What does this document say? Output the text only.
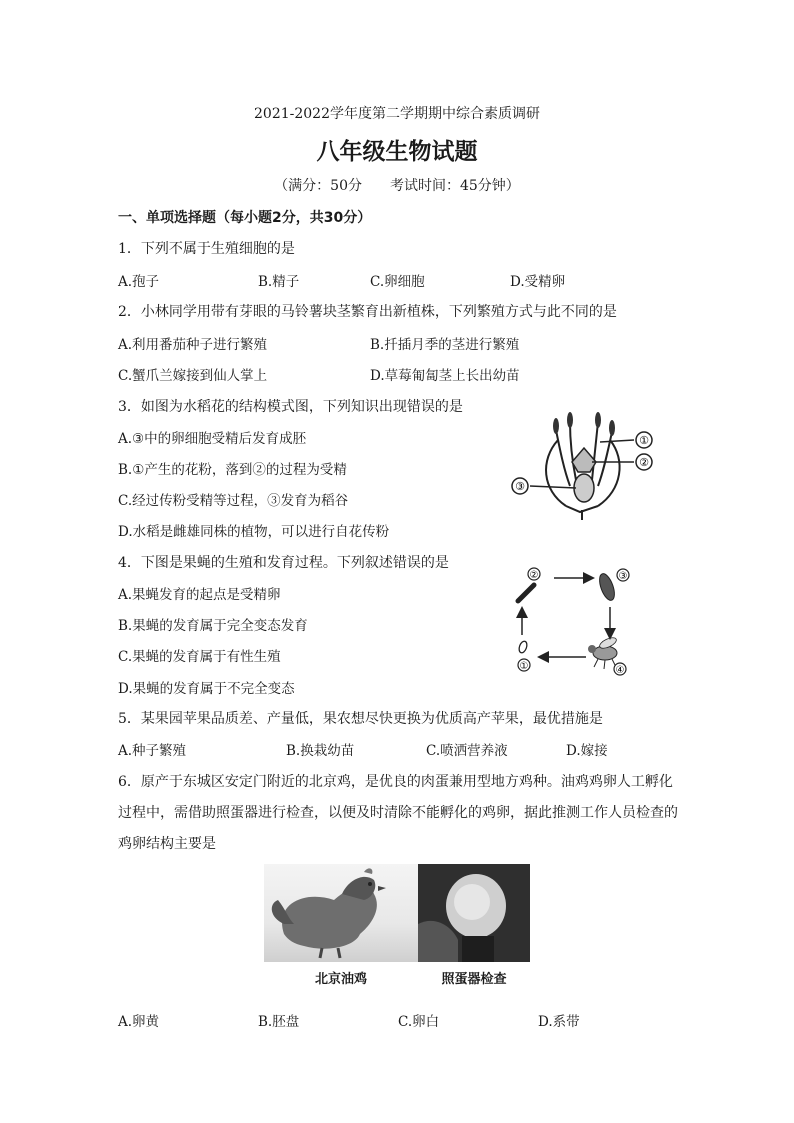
2021-2022学年度第二学期期中综合素质调研
八年级生物试题
（满分：50分　　考试时间：45分钟）
一、单项选择题（每小题2分，共30分）
1．下列不属于生殖细胞的是
A.孢子	B.精子	C.卵细胞	D.受精卵
2．小林同学用带有芽眼的马铃薯块茎繁育出新植株，下列繁殖方式与此不同的是
A.利用番茄种子进行繁殖	B.扦插月季的茎进行繁殖
C.蟹爪兰嫁接到仙人掌上	D.草莓匍匐茎上长出幼苗
3．如图为水稻花的结构模式图，下列知识出现错误的是
A.③中的卵细胞受精后发育成胚
B.①产生的花粉，落到②的过程为受精
C.经过传粉受精等过程，③发育为稻谷
D.水稻是雌雄同株的植物，可以进行自花传粉
①
②
③
4．下图是果蝇的生殖和发育过程。下列叙述错误的是
A.果蝇发育的起点是受精卵
B.果蝇的发育属于完全变态发育
C.果蝇的发育属于有性生殖
D.果蝇的发育属于不完全变态
②	③
④
①
5．某果园苹果品质差、产量低，果农想尽快更换为优质高产苹果，最优措施是
A.种子繁殖	B.换栽幼苗	C.喷洒营养液	D.嫁接
6．原产于东城区安定门附近的北京鸡，是优良的肉蛋兼用型地方鸡种。油鸡鸡卵人工孵化
过程中，需借助照蛋器进行检查，以便及时清除不能孵化的鸡卵，据此推测工作人员检查的
鸡卵结构主要是
北京油鸡	照蛋器检查
A.卵黄	B.胚盘	C.卵白	D.系带
